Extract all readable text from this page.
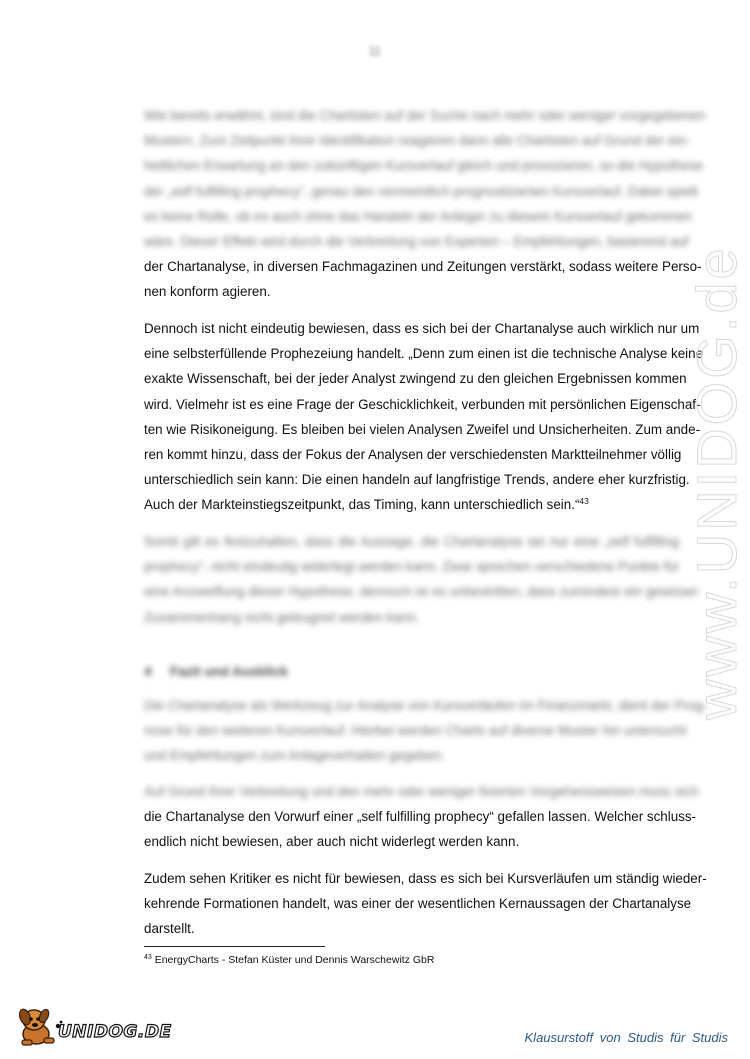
11
Wie bereits erwähnt, sind die Chartisten auf der Suche nach mehr oder weniger vorgegebenen
Mustern. Zum Zeitpunkt ihrer Identifikation reagieren dann alle Chartisten auf Grund der ein-
heitlichen Erwartung an den zukünftigen Kursverlauf gleich und provozieren, so die Hypothese
der „self fulfilling prophecy“, genau den vermeintlich prognostizierten Kursverlauf. Dabei spielt
es keine Rolle, ob es auch ohne das Handeln der Anleger zu diesem Kursverlauf gekommen
wäre. Dieser Effekt wird durch die Verbreitung von Experten – Empfehlungen, basierend auf
der Chartanalyse, in diversen Fachmagazinen und Zeitungen verstärkt, sodass weitere Perso-
nen konform agieren.
Dennoch ist nicht eindeutig bewiesen, dass es sich bei der Chartanalyse auch wirklich nur um
eine selbsterfüllende Prophezeiung handelt. „Denn zum einen ist die technische Analyse keine
exakte Wissenschaft, bei der jeder Analyst zwingend zu den gleichen Ergebnissen kommen
wird. Vielmehr ist es eine Frage der Geschicklichkeit, verbunden mit persönlichen Eigenschaf-
ten wie Risikoneigung. Es bleiben bei vielen Analysen Zweifel und Unsicherheiten. Zum ande-
ren kommt hinzu, dass der Fokus der Analysen der verschiedensten Marktteilnehmer völlig
unterschiedlich sein kann: Die einen handeln auf langfristige Trends, andere eher kurzfristig.
Auch der Markteinstiegszeitpunkt, das Timing, kann unterschiedlich sein.“$^{43}$
Somit gilt es festzuhalten, dass die Aussage, die Chartanalyse sei nur eine „self fulfilling
prophecy“, nicht eindeutig widerlegt werden kann. Zwar sprechen verschiedene Punkte für
eine Anzweiflung dieser Hypothese, dennoch ist es unbestritten, dass zumindest ein gewisser
Zusammenhang nicht geleugnet werden kann.
4 Fazit und Ausblick
Die Chartanalyse als Werkzeug zur Analyse von Kursverläufen im Finanzmarkt, dient der Prog-
nose für den weiteren Kursverlauf. Hierbei werden Charts auf diverse Muster hin untersucht
und Empfehlungen zum Anlageverhalten gegeben.
Auf Grund ihrer Verbreitung und den mehr oder weniger fixierten Vorgehensweisen muss sich
die Chartanalyse den Vorwurf einer „self fulfilling prophecy“ gefallen lassen. Welcher schluss-
endlich nicht bewiesen, aber auch nicht widerlegt werden kann.
Zudem sehen Kritiker es nicht für bewiesen, dass es sich bei Kursverläufen um ständig wieder-
kehrende Formationen handelt, was einer der wesentlichen Kernaussagen der Chartanalyse
darstellt.
$^{43}$ EnergyCharts - Stefan Küster und Dennis Warschewitz GbR
www.UNIDOG.de
UNIDOG.DE	Klausurstoff von Studis für Studis
